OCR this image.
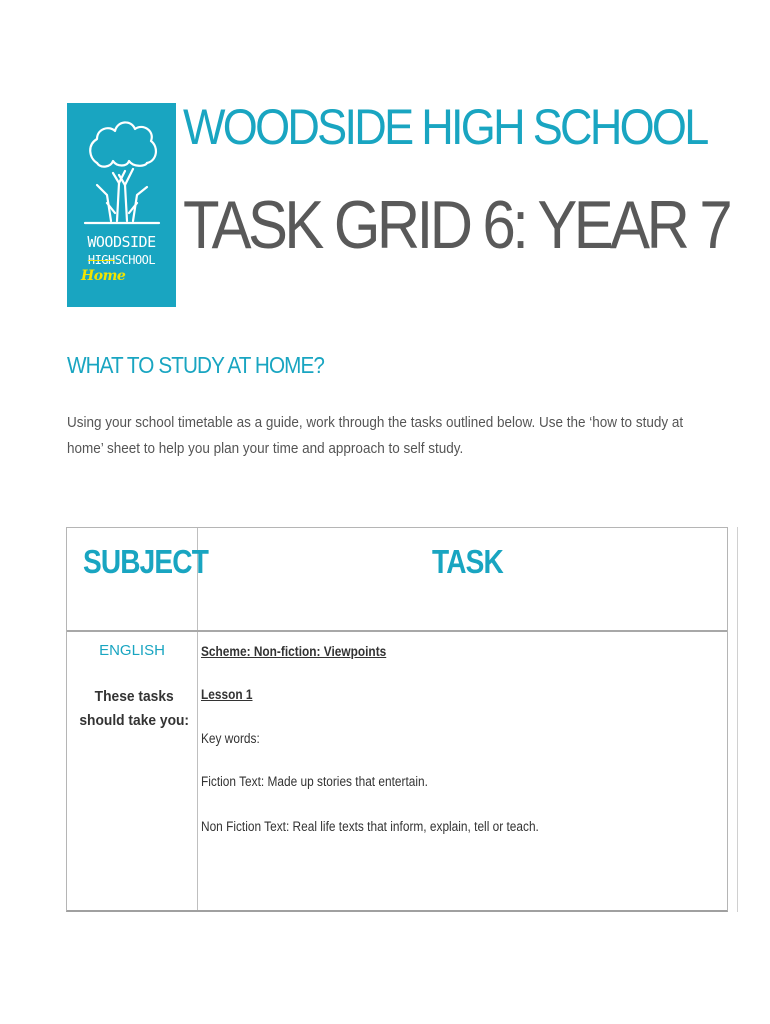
WOODSIDE
HIGHSCHOOL
Home
WOODSIDE HIGH SCHOOL
TASK GRID 6: YEAR 7
WHAT TO STUDY AT HOME?

Using your school timetable as a guide, work through the tasks outlined below. Use the ‘how to study at home’ sheet to help you plan your time and approach to self study.

SUBJECT	TASK

ENGLISH

These tasks should take you:

Scheme: Non-fiction: Viewpoints

Lesson 1

Key words:

Fiction Text: Made up stories that entertain.

Non Fiction Text: Real life texts that inform, explain, tell or teach.
